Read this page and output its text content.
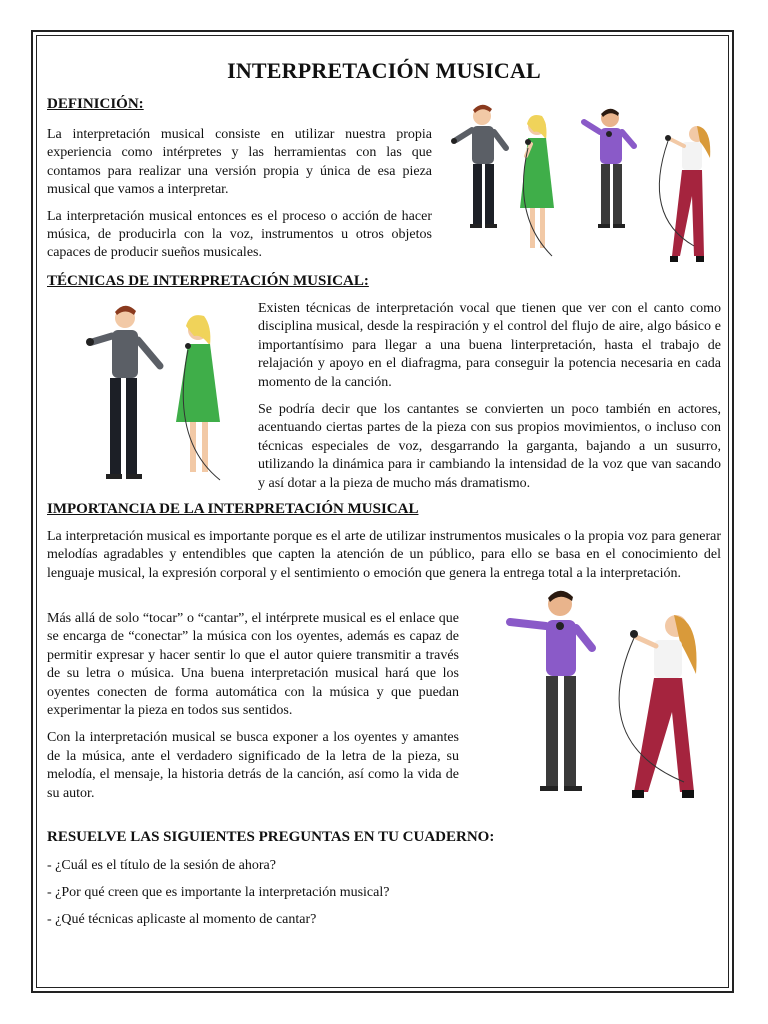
INTERPRETACIÓN MUSICAL
DEFINICIÓN:

La interpretación musical consiste en utilizar nuestra propia experiencia como intérpretes y las herramientas con las que contamos para realizar una versión propia y única de esa pieza musical que vamos a interpretar.

La interpretación musical entonces es el proceso o acción de hacer música, de producirla con la voz, instrumentos u otros objetos capaces de producir sueños musicales.

TÉCNICAS DE INTERPRETACIÓN MUSICAL:

Existen técnicas de interpretación vocal que tienen que ver con el canto como disciplina musical, desde la respiración y el control del flujo de aire, algo básico e importantísimo para llegar a una buena linterpretación, hasta el trabajo de relajación y apoyo en el diafragma, para conseguir la potencia necesaria en cada momento de la canción.

Se podría decir que los cantantes se convierten un poco también en actores, acentuando ciertas partes de la pieza con sus propios movimientos, o incluso con técnicas especiales de voz, desgarrando la garganta, bajando a un susurro, utilizando la dinámica para ir cambiando la intensidad de la voz que van sacando y así dotar a la pieza de mucho más dramatismo.

IMPORTANCIA DE LA INTERPRETACIÓN MUSICAL

La interpretación musical es importante porque es el arte de utilizar instrumentos musicales o la propia voz para generar melodías agradables y entendibles que capten la atención de un público, para ello se basa en el conocimiento del lenguaje musical, la expresión corporal y el sentimiento o emoción que genera la entrega total a la interpretación.

Más allá de solo “tocar” o “cantar”, el intérprete musical es el enlace que se encarga de “conectar” la música con los oyentes, además es capaz de permitir expresar y hacer sentir lo que el autor quiere transmitir a través de su letra o música. Una buena interpretación musical hará que los oyentes conecten de forma automática con la música y que puedan experimentar la pieza en todos sus sentidos.

Con la interpretación musical se busca exponer a los oyentes y amantes de la música, ante el verdadero significado de la letra de la pieza, su melodía, el mensaje, la historia detrás de la canción, así como la vida de su autor.

RESUELVE LAS SIGUIENTES PREGUNTAS EN TU CUADERNO:
- ¿Cuál es el título de la sesión de ahora?
- ¿Por qué creen que es importante la interpretación musical?
- ¿Qué técnicas aplicaste al momento de cantar?
